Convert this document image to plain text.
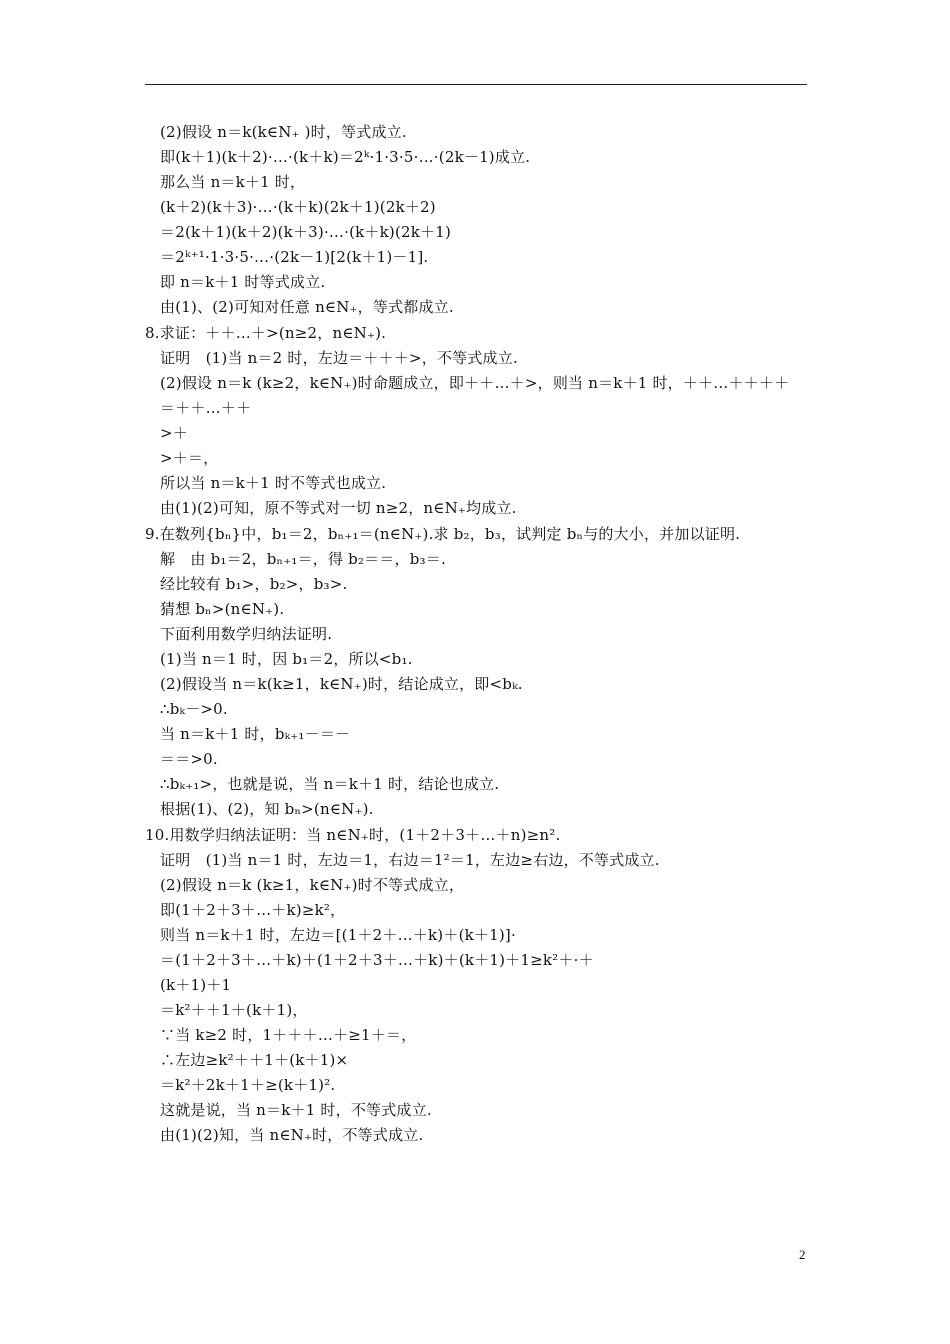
(2)假设 n＝k(k∈N₊ )时，等式成立.
即(k＋1)(k＋2)·…·(k＋k)＝2ᵏ·1·3·5·…·(2k－1)成立.
那么当 n＝k＋1 时，
(k＋2)(k＋3)·…·(k＋k)(2k＋1)(2k＋2)
＝2(k＋1)(k＋2)(k＋3)·…·(k＋k)(2k＋1)
＝2ᵏ⁺¹·1·3·5·…·(2k－1)[2(k＋1)－1].
即 n＝k＋1 时等式成立.
由(1)、(2)可知对任意 n∈N₊，等式都成立.
8.求证：＋＋…＋>(n≥2，n∈N₊).
证明　(1)当 n＝2 时，左边＝＋＋＋>，不等式成立.
(2)假设 n＝k (k≥2，k∈N₊)时命题成立，即＋＋…＋>，则当 n＝k＋1 时，＋＋…＋＋＋＋
＝＋＋…＋＋
>＋
>＋＝，
所以当 n＝k＋1 时不等式也成立.
由(1)(2)可知，原不等式对一切 n≥2，n∈N₊均成立.
9.在数列{bₙ}中，b₁＝2，bₙ₊₁＝(n∈N₊).求 b₂，b₃，试判定 bₙ与的大小，并加以证明.
解　由 b₁＝2，bₙ₊₁＝，得 b₂＝＝，b₃＝.
经比较有 b₁>，b₂>，b₃>.
猜想 bₙ>(n∈N₊).
下面利用数学归纳法证明.
(1)当 n＝1 时，因 b₁＝2，所以<b₁.
(2)假设当 n＝k(k≥1，k∈N₊)时，结论成立，即<bₖ.
∴bₖ－>0.
当 n＝k＋1 时，bₖ₊₁－＝－
＝＝>0.
∴bₖ₊₁>，也就是说，当 n＝k＋1 时，结论也成立.
根据(1)、(2)，知 bₙ>(n∈N₊).
10.用数学归纳法证明：当 n∈N₊时，(1＋2＋3＋…＋n)≥n².
证明　(1)当 n＝1 时，左边＝1，右边＝1²＝1，左边≥右边，不等式成立.
(2)假设 n＝k (k≥1，k∈N₊)时不等式成立，
即(1＋2＋3＋…＋k)≥k²，
则当 n＝k＋1 时，左边＝[(1＋2＋…＋k)＋(k＋1)]·
＝(1＋2＋3＋…＋k)＋(1＋2＋3＋…＋k)＋(k＋1)＋1≥k²＋·＋
(k＋1)＋1
＝k²＋＋1＋(k＋1)，
∵当 k≥2 时，1＋＋＋…＋≥1＋＝，
∴左边≥k²＋＋1＋(k＋1)×
＝k²＋2k＋1＋≥(k＋1)².
这就是说，当 n＝k＋1 时，不等式成立.
由(1)(2)知，当 n∈N₊时，不等式成立.
2
